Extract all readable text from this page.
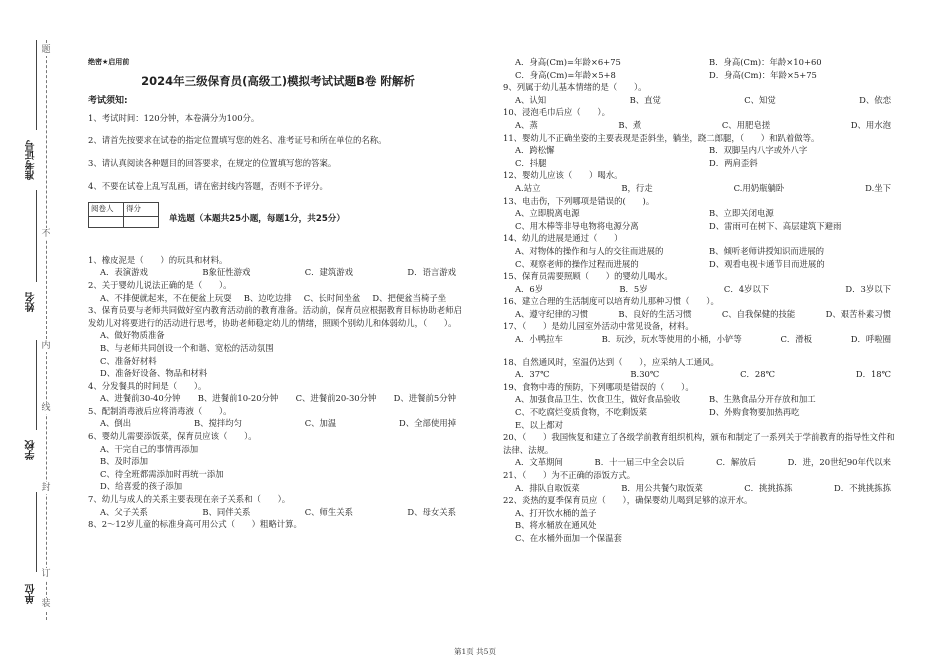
题
不
内
线
封
订
装
准考证号
姓名
学校
单位
绝密★启用前
2024年三级保育员(高级工)模拟考试试题B卷 附解析
考试须知:

1、考试时间：120分钟，本卷满分为100分。

2、请首先按要求在试卷的指定位置填写您的姓名、准考证号和所在单位的名称。

3、请认真阅读各种题目的回答要求，在规定的位置填写您的答案。

4、不要在试卷上乱写乱画，请在密封线内答题，否则不予评分。

阅卷人	得分

单选题（本题共25小题，每题1分，共25分）

1、橡皮泥是（　　）的玩具和材料。

A．表演游戏	B象征性游戏	C．建筑游戏	D．语言游戏

2、关于婴幼儿说法正确的是（　　）。

A、不排便就起来，不在便盆上玩耍 B、边吃边排 C、长时间坐盆 D、把便盆当椅子坐

3、保育员要与老师共同做好室内教育活动前的教育准备。活动前，保育员应根据教育目标协助老师启发幼儿对将要进行的活动进行思考，协助老师稳定幼儿的情绪，照顾个别幼儿和体弱幼儿，（　　）。

A、做好物质准备

B、与老师共同创设一个和谐、宽松的活动氛围

C、准备好材料

D、准备好设备、物品和材料

4、分发餐具的时间是（　　）。

A、进餐前30-40分钟 B、进餐前10-20分钟 C、进餐前20-30分钟 D、进餐前5分钟

5、配制消毒液后应将消毒液（　　）。

A、倒出	B、搅拌均匀	C、加温	D、全部使用掉

6、婴幼儿需要添饭菜，保育员应该（　　）。

A、干完自己的事情再添加

B、及时添加

C、待全班都需添加时再统一添加

D、给喜爱的孩子添加

7、幼儿与成人的关系主要表现在亲子关系和（　　）。

A、父子关系	B、同伴关系	C、师生关系	D、母女关系

8、2～12岁儿童的标准身高可用公式（　　）粗略计算。

A．身高(Cm)=年龄×6+75	B．身高(Cm)：年龄×10+60
C．身高(Cm)=年龄×5+8	D．身高(Cm)：年龄×5+75

9、列属于幼儿基本情绪的是（　　）。

A、认知	B、直觉	C、知觉	D、依恋

10、浸泡毛巾后应（　　）。

A、蒸	B、煮	C、用肥皂搓	D、用水泡

11、婴幼儿不正确坐姿的主要表现是歪斜坐，躺坐，跷二郎腿，（　　）和趴着做等。

A．跨松懈	B．双脚呈内八字或外八字
C．抖腿	D．两肩歪斜

12、婴幼儿应该（　　）喝水。

A.站立	B，行走	C.用奶瓶躺卧	D.坐下

13、电击伤，下列哪项是错误的(　　)。

A、立即脱离电源	B、立即关闭电源
C、用木棒等非导电物将电源分离	D、雷雨可在树下、高层建筑下避雨

14、幼儿的进展是通过（　　）

A、对物体的操作和与人的交往而进展的	B、倾听老师讲授知识而进展的
C、观察老师的操作过程而进展的	D、观看电视卡通节目而进展的

15、保育员需要照顾（　　）的婴幼儿喝水。

A．6岁	B．5岁	C．4岁以下	D．3岁以下

16、建立合理的生活制度可以培育幼儿那种习惯（　　）。

A、遵守纪律的习惯	B、良好的生活习惯	C、自我保健的技能	D、艰苦朴素习惯

17、（　　）是幼儿园室外活动中常见设备，材料。

A．小鸭拉车	B．玩沙，玩水等使用的小桶，小铲等	C．滑板	D．呼啦圈

18、自然通风时，室温仍达到（　　），应采纳人工通风。

A．37℃	B.30℃	C．28℃	D．18℃

19、食物中毒的预防，下列哪项是错误的（　　）。

A、加强食品卫生、饮食卫生，做好食品验收	B、生熟食品分开存放和加工
C、不吃腐烂变质食物，不吃剩饭菜	D、外购食物要加热再吃
E、以上都对

20、（　　）我国恢复和建立了各级学前教育组织机构，颁布和制定了一系列关于学前教育的指导性文件和法律、法规。

A．文革期间	B．十一届三中全会以后	C．解放后	D．进，20世纪90年代以来

21、（　　）为不正确的添饭方式。

A．排队自取饭菜	B．用公共餐勺取饭菜	C．挑挑拣拣	D．不挑挑拣拣

22、炎热的夏季保育员应（　　），确保婴幼儿喝到足够的凉开水。

A、打开饮水桶的盖子

B、将水桶放在通风处

C、在水桶外面加一个保温套

第1页 共5页
